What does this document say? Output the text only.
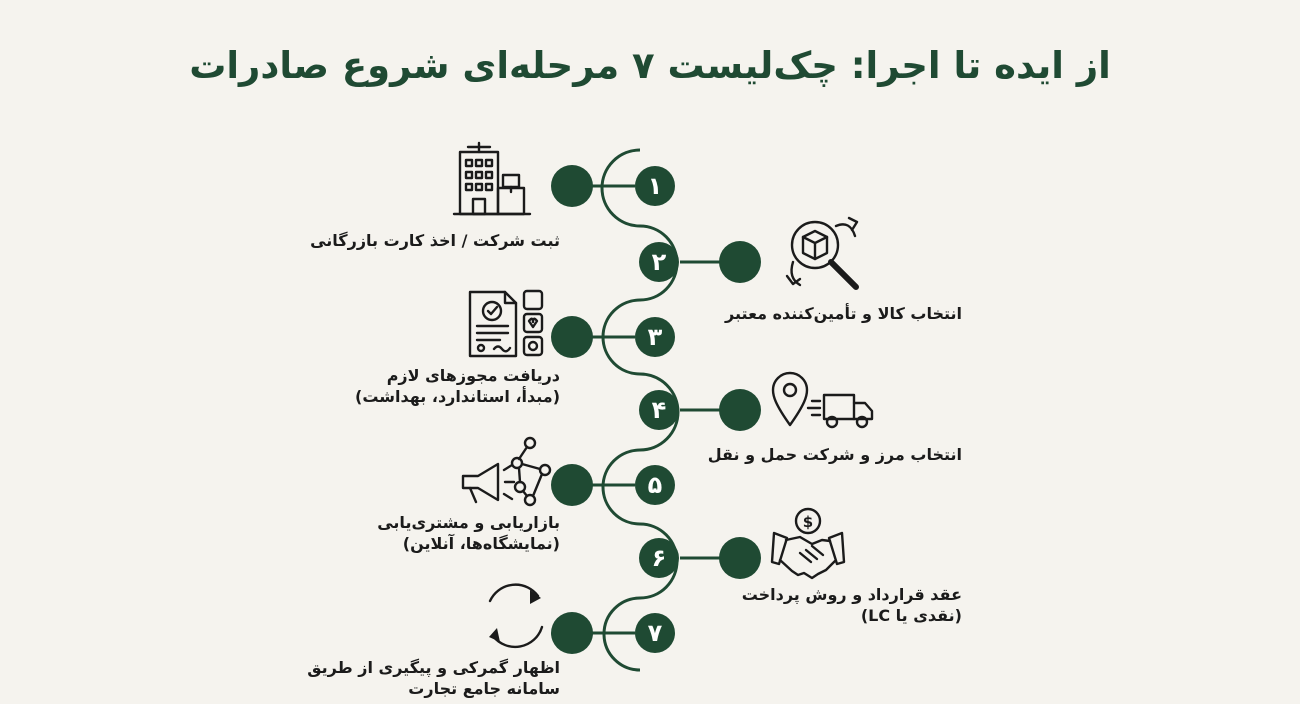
از ایده تا اجرا: چک‌لیست ۷ مرحله‌ای شروع صادرات
۱
۲
۳
۴
۵
۶
۷
$
ثبت شرکت / اخذ کارت بازرگانی
انتخاب کالا و تأمین‌کننده معتبر
دریافت مجوزهای لازم
(مبدأ، استاندارد، بهداشت)
انتخاب مرز و شرکت حمل و نقل
بازاریابی و مشتری‌یابی
(نمایشگاه‌ها، آنلاین)
عقد قرارداد و روش پرداخت
(نقدی یا LC)
اظهار گمرکی و پیگیری از طریق
سامانه جامع تجارت
